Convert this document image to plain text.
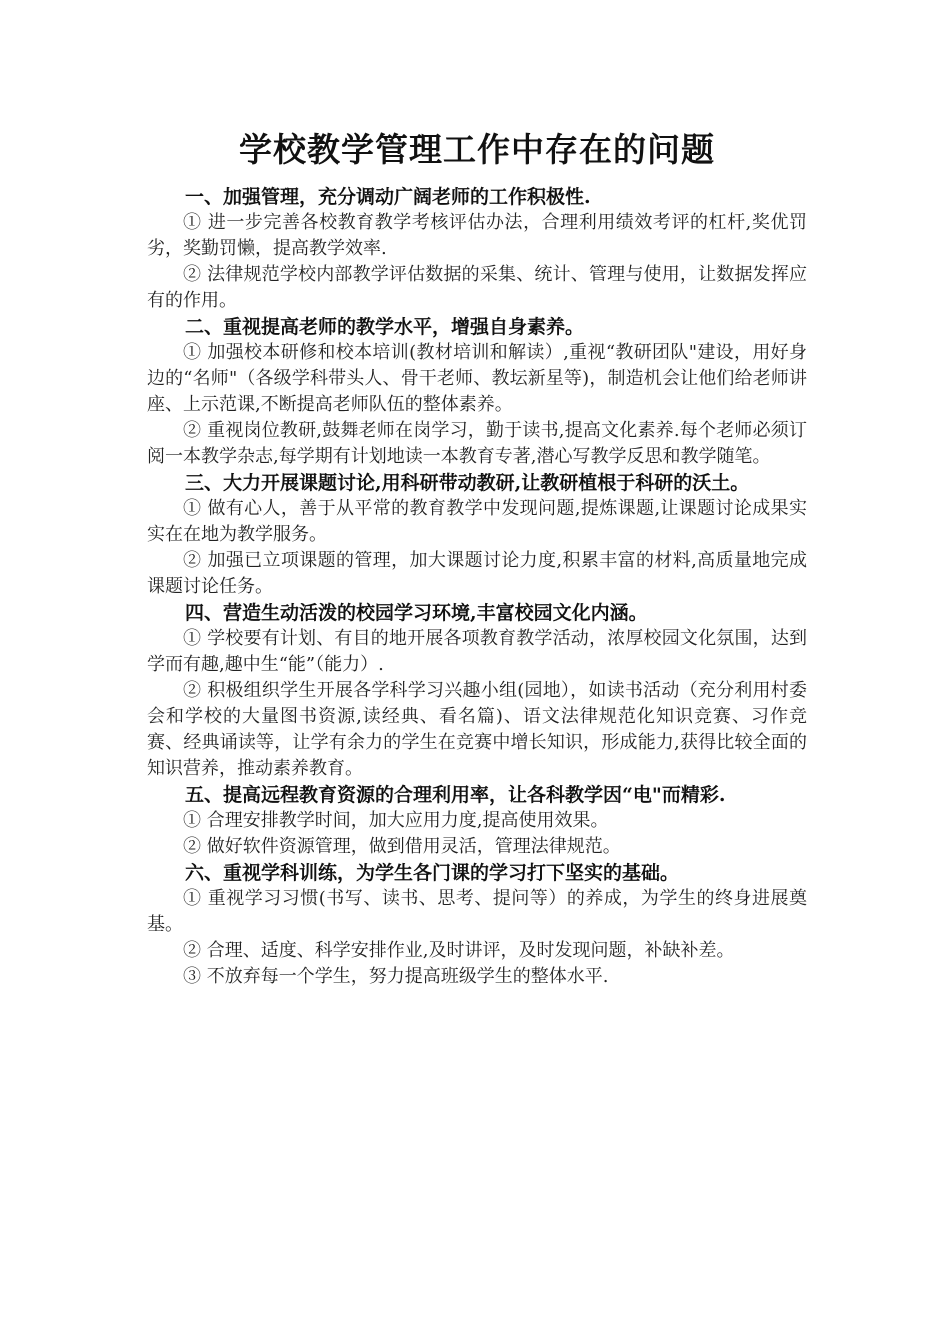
学校教学管理工作中存在的问题

一、加强管理，充分调动广阔老师的工作积极性.

① 进一步完善各校教育教学考核评估办法，合理利用绩效考评的杠杆,奖优罚劣，奖勤罚懒，提高教学效率.

② 法律规范学校内部教学评估数据的采集、统计、管理与使用，让数据发挥应有的作用。

二、重视提高老师的教学水平，增强自身素养。

① 加强校本研修和校本培训(教材培训和解读）,重视“教研团队"建设，用好身边的“名师"（各级学科带头人、骨干老师、教坛新星等)，制造机会让他们给老师讲座、上示范课,不断提高老师队伍的整体素养。

② 重视岗位教研,鼓舞老师在岗学习，勤于读书,提高文化素养.每个老师必须订阅一本教学杂志,每学期有计划地读一本教育专著,潜心写教学反思和教学随笔。

三、大力开展课题讨论,用科研带动教研,让教研植根于科研的沃土。

① 做有心人，善于从平常的教育教学中发现问题,提炼课题,让课题讨论成果实实在在地为教学服务。

② 加强已立项课题的管理，加大课题讨论力度,积累丰富的材料,高质量地完成课题讨论任务。

四、营造生动活泼的校园学习环境,丰富校园文化内涵。

① 学校要有计划、有目的地开展各项教育教学活动，浓厚校园文化氛围，达到学而有趣,趣中生“能”（能力）.

② 积极组织学生开展各学科学习兴趣小组(园地），如读书活动（充分利用村委会和学校的大量图书资源,读经典、看名篇)、语文法律规范化知识竞赛、习作竞赛、经典诵读等，让学有余力的学生在竞赛中增长知识，形成能力,获得比较全面的知识营养，推动素养教育。

五、提高远程教育资源的合理利用率，让各科教学因“电"而精彩.

① 合理安排教学时间，加大应用力度,提高使用效果。

② 做好软件资源管理，做到借用灵活，管理法律规范。

六、重视学科训练，为学生各门课的学习打下坚实的基础。

① 重视学习习惯(书写、读书、思考、提问等）的养成，为学生的终身进展奠基。

② 合理、适度、科学安排作业,及时讲评，及时发现问题，补缺补差。

③ 不放弃每一个学生，努力提高班级学生的整体水平.
